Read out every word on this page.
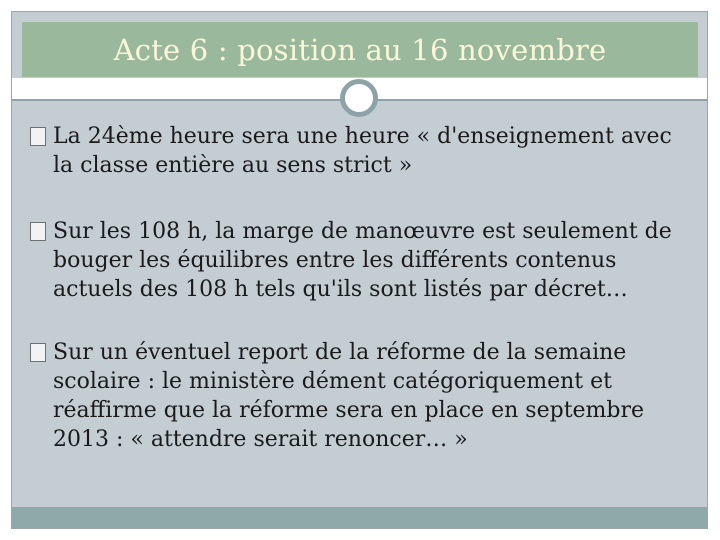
Acte 6 : position au 16 novembre
La 24ème heure sera une heure « d'enseignement avec la classe entière au sens strict »
Sur les 108 h, la marge de manœuvre est seulement de bouger les équilibres entre les différents contenus actuels des 108 h tels qu'ils sont listés par décret…
Sur un éventuel report de la réforme de la semaine scolaire : le ministère dément catégoriquement et réaffirme que la réforme sera en place en septembre 2013 : « attendre serait renoncer… »
